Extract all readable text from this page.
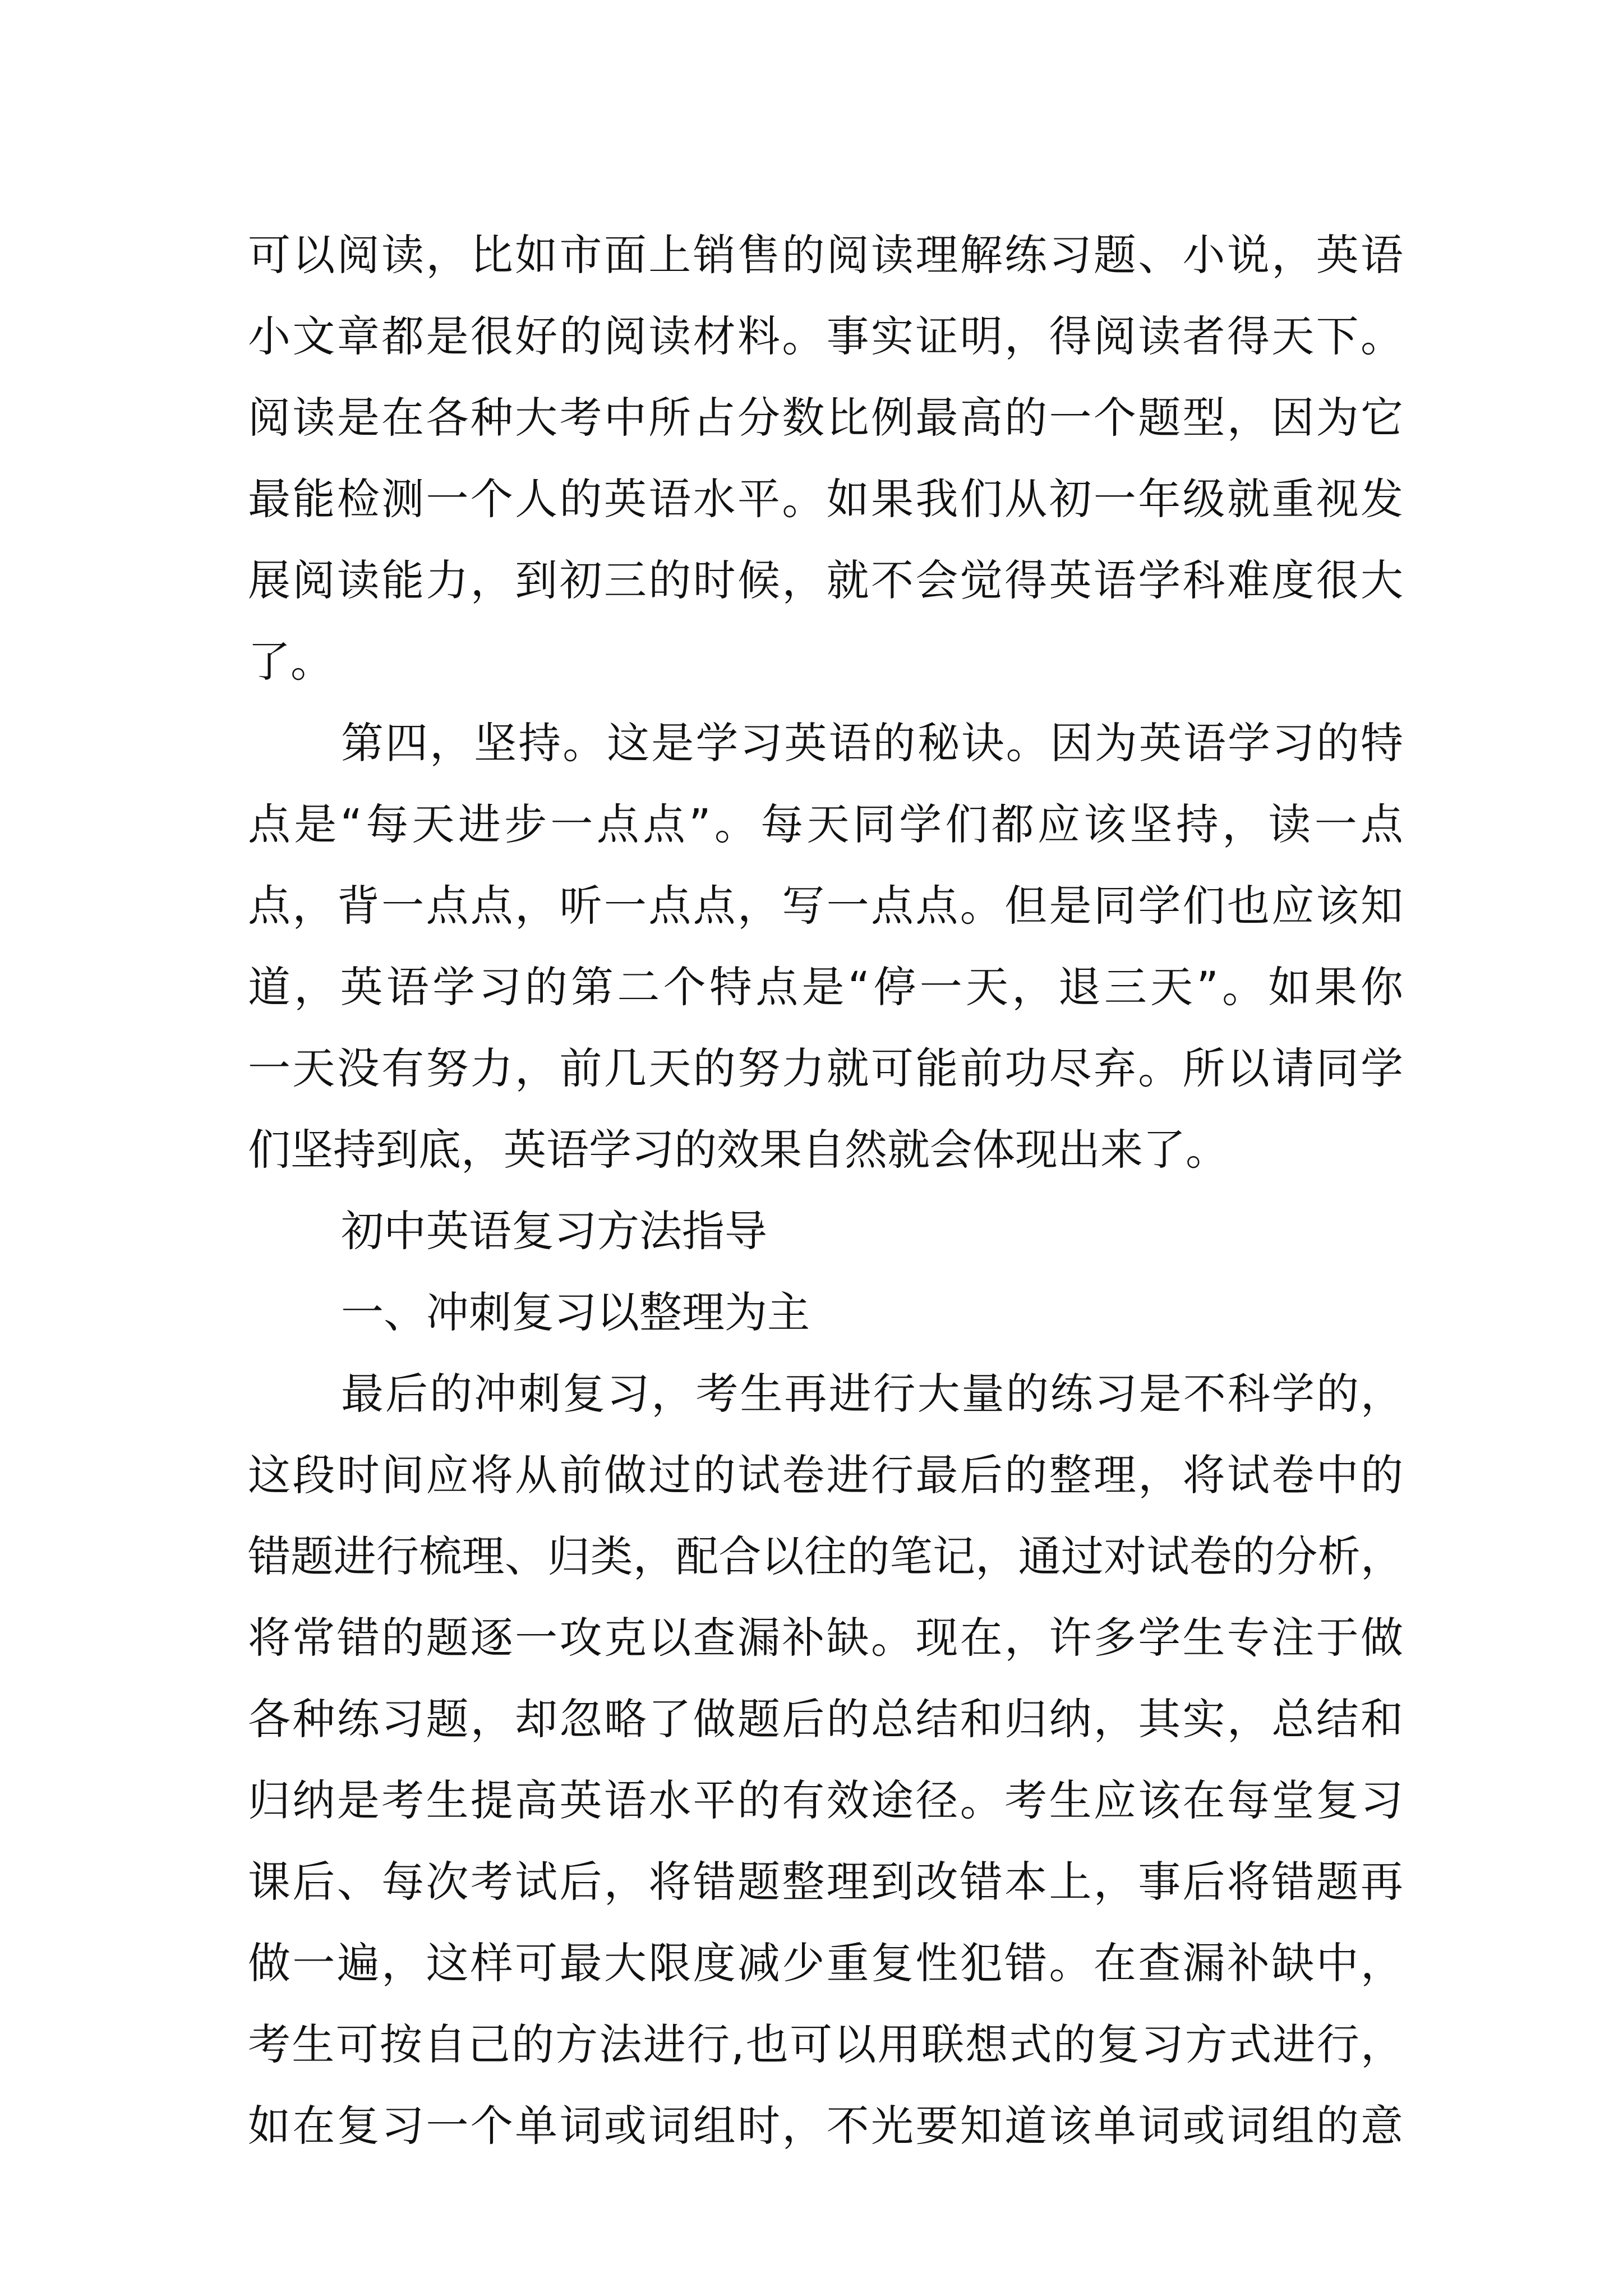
可以阅读，比如市面上销售的阅读理解练习题、小说，英语
小文章都是很好的阅读材料。事实证明，得阅读者得天下。
阅读是在各种大考中所占分数比例最高的一个题型，因为它
最能检测一个人的英语水平。如果我们从初一年级就重视发
展阅读能力，到初三的时候，就不会觉得英语学科难度很大
了。
第四，坚持。这是学习英语的秘诀。因为英语学习的特
点是“每天进步一点点”。每天同学们都应该坚持，读一点
点，背一点点，听一点点，写一点点。但是同学们也应该知
道，英语学习的第二个特点是“停一天，退三天”。如果你
一天没有努力，前几天的努力就可能前功尽弃。所以请同学
们坚持到底，英语学习的效果自然就会体现出来了。
初中英语复习方法指导
一、冲刺复习以整理为主
最后的冲刺复习，考生再进行大量的练习是不科学的，
这段时间应将从前做过的试卷进行最后的整理，将试卷中的
错题进行梳理、归类，配合以往的笔记，通过对试卷的分析，
将常错的题逐一攻克以查漏补缺。现在，许多学生专注于做
各种练习题，却忽略了做题后的总结和归纳，其实，总结和
归纳是考生提高英语水平的有效途径。考生应该在每堂复习
课后、每次考试后，将错题整理到改错本上，事后将错题再
做一遍，这样可最大限度减少重复性犯错。在查漏补缺中，
考生可按自己的方法进行,也可以用联想式的复习方式进行，
如在复习一个单词或词组时，不光要知道该单词或词组的意
